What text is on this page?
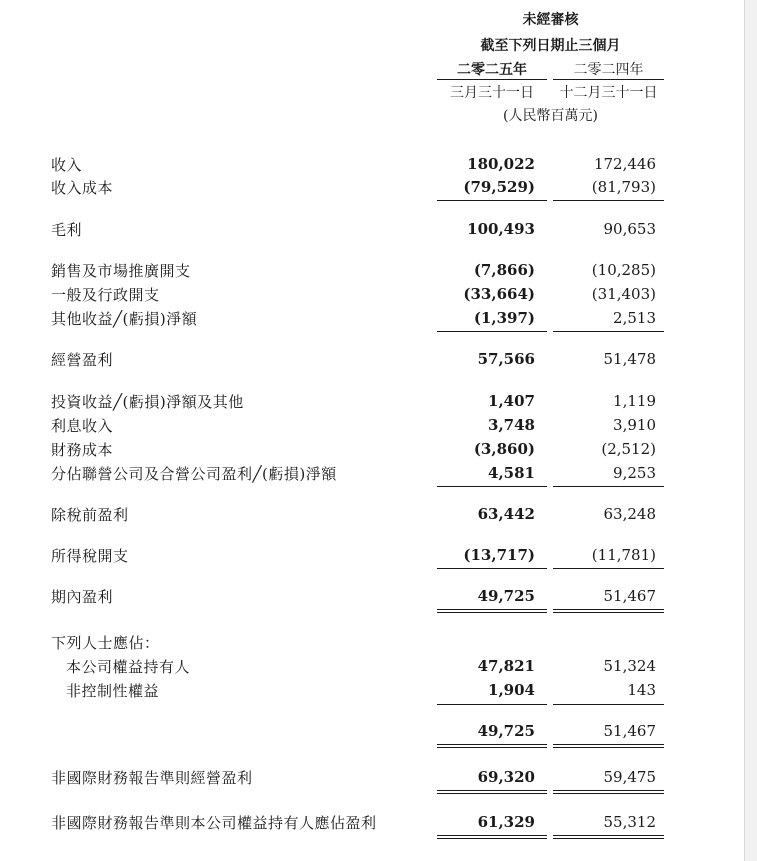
未經審核
截至下列日期止三個月
二零二五年	二零二四年
三月三十一日	十二月三十一日
(人民幣百萬元)
收入
收入成本
毛利
銷售及市場推廣開支
一般及行政開支
其他收益╱(虧損)淨額
經營盈利
投資收益╱(虧損)淨額及其他
利息收入
財務成本
分佔聯營公司及合營公司盈利╱(虧損)淨額
除稅前盈利
所得稅開支
期內盈利
下列人士應佔：
本公司權益持有人
非控制性權益
非國際財務報告準則經營盈利
非國際財務報告準則本公司權益持有人應佔盈利
180,022
(79,529)
100,493
(7,866)
(33,664)
(1,397)
57,566
1,407
3,748
(3,860)
4,581
63,442
(13,717)
49,725
47,821
1,904
49,725
69,320
61,329
172,446
(81,793)
90,653
(10,285)
(31,403)
2,513
51,478
1,119
3,910
(2,512)
9,253
63,248
(11,781)
51,467
51,324
143
51,467
59,475
55,312
